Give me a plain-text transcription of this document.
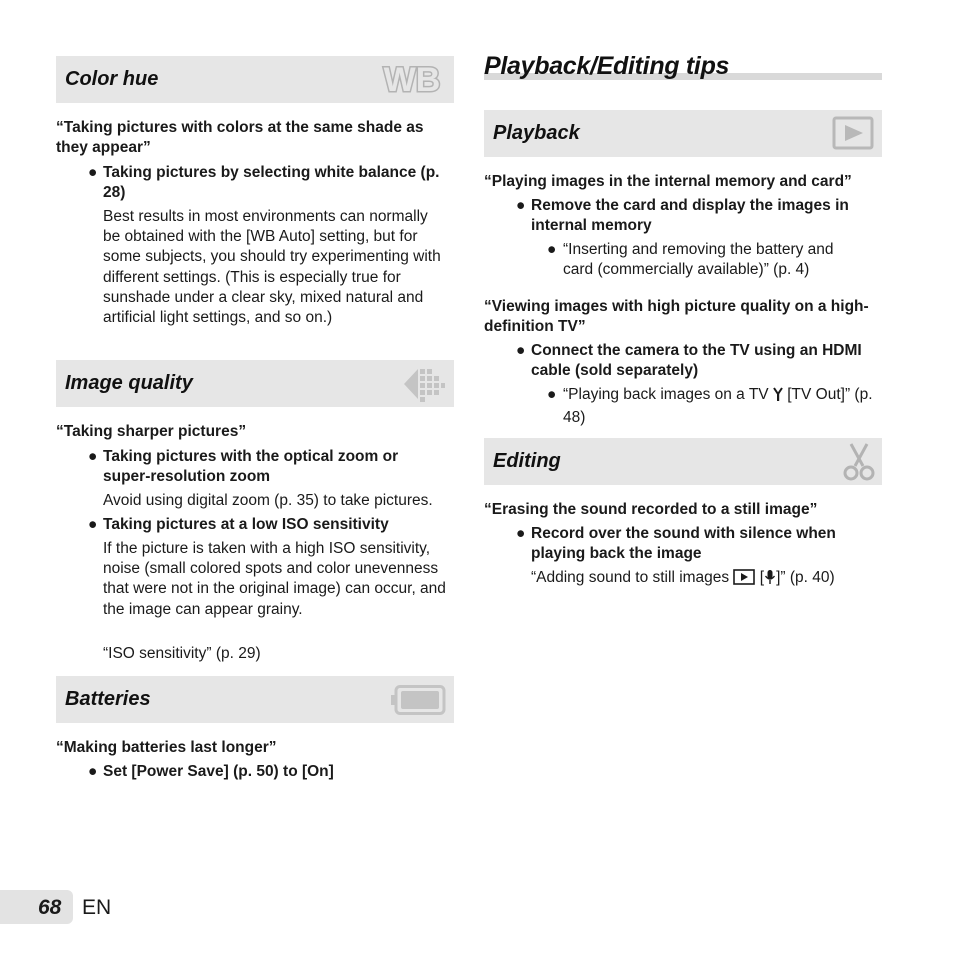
Color hue	WB
“Taking pictures with colors at the same shade as they appear”
● Taking pictures by selecting white balance (p. 28)
Best results in most environments can normally be obtained with the [WB Auto] setting, but for some subjects, you should try experimenting with different settings. (This is especially true for sunshade under a clear sky, mixed natural and artificial light settings, and so on.)
Image quality
“Taking sharper pictures”
● Taking pictures with the optical zoom or super-resolution zoom
Avoid using digital zoom (p. 35) to take pictures.
● Taking pictures at a low ISO sensitivity
If the picture is taken with a high ISO sensitivity, noise (small colored spots and color unevenness that were not in the original image) can occur, and the image can appear grainy.
“ISO sensitivity” (p. 29)
Batteries
“Making batteries last longer”
● Set [Power Save] (p. 50) to [On]
Playback/Editing tips
Playback
“Playing images in the internal memory and card”
● Remove the card and display the images in internal memory
● “Inserting and removing the battery and card (commercially available)” (p. 4)
“Viewing images with high picture quality on a high-definition TV”
● Connect the camera to the TV using an HDMI cable (sold separately)
● “Playing back images on a TV [TV Out]” (p. 48)
Editing
“Erasing the sound recorded to a still image”
● Record over the sound with silence when playing back the image
“Adding sound to still images  [ ]” (p. 40)
68 EN
